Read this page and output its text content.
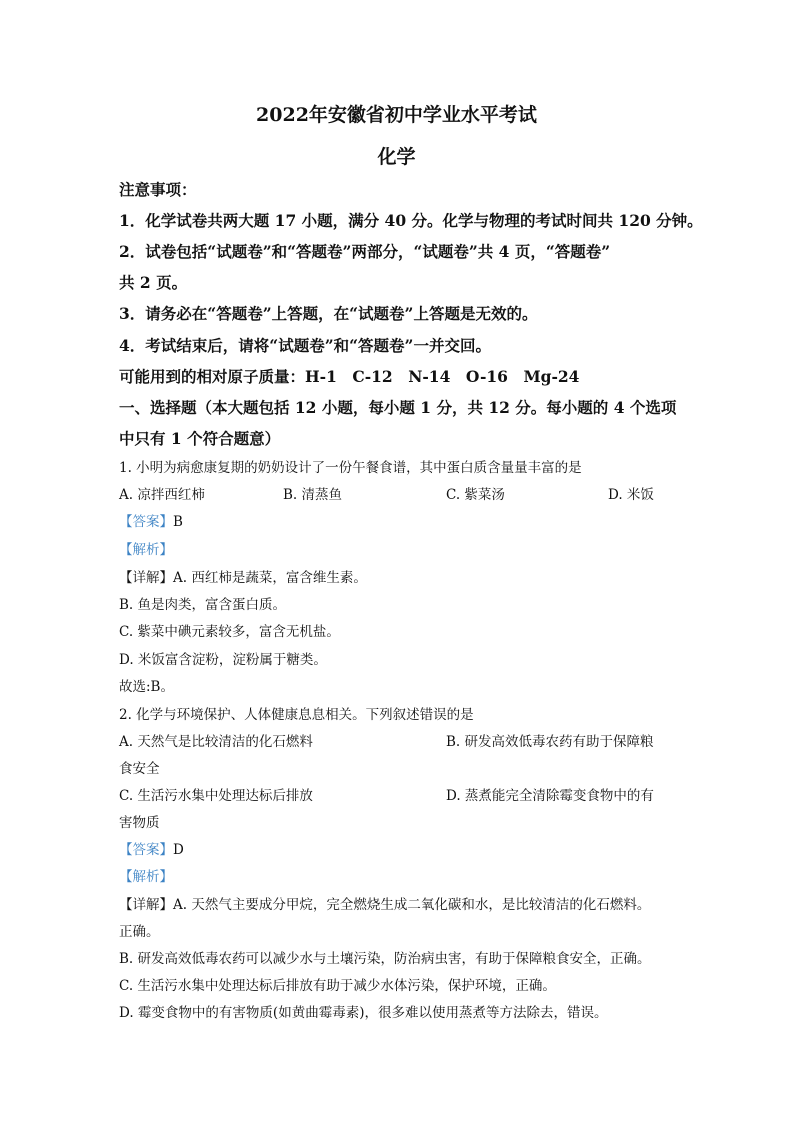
2022年安徽省初中学业水平考试
化学
注意事项：
1．化学试卷共两大题 17 小题，满分 40 分。化学与物理的考试时间共 120 分钟。
2．试卷包括“试题卷”和“答题卷”两部分，“试题卷”共 4 页，“答题卷”
共 2 页。
3．请务必在“答题卷”上答题，在“试题卷”上答题是无效的。
4．考试结束后，请将“试题卷”和“答题卷”一并交回。
可能用到的相对原子质量：H-1　C-12　N-14　O-16　Mg-24
一、选择题（本大题包括 12 小题，每小题 1 分，共 12 分。每小题的 4 个选项
中只有 1 个符合题意）
1. 小明为病愈康复期的奶奶设计了一份午餐食谱，其中蛋白质含量量丰富的是
A. 凉拌西红柿	B. 清蒸鱼	C. 紫菜汤	D. 米饭
【答案】B
【解析】
【详解】A. 西红柿是蔬菜，富含维生素。
B. 鱼是肉类，富含蛋白质。
C. 紫菜中碘元素较多，富含无机盐。
D. 米饭富含淀粉，淀粉属于糖类。
故选:B。
2. 化学与环境保护、人体健康息息相关。下列叙述错误的是
A. 天然气是比较清洁的化石燃料	B. 研发高效低毒农药有助于保障粮
食安全
C. 生活污水集中处理达标后排放	D. 蒸煮能完全清除霉变食物中的有
害物质
【答案】D
【解析】
【详解】A. 天然气主要成分甲烷，完全燃烧生成二氧化碳和水，是比较清洁的化石燃料。
正确。
B. 研发高效低毒农药可以减少水与土壤污染，防治病虫害，有助于保障粮食安全，正确。
C. 生活污水集中处理达标后排放有助于减少水体污染，保护环境，正确。
D. 霉变食物中的有害物质(如黄曲霉毒素)，很多难以使用蒸煮等方法除去，错误。
